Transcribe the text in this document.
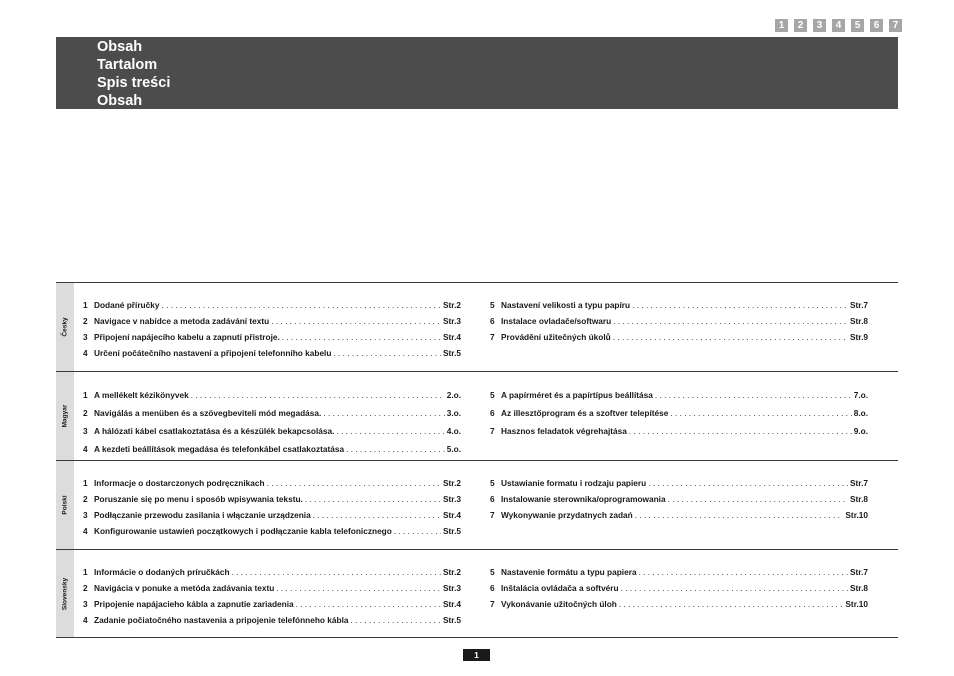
1	2	3	4	5	6	7
Obsah
Tartalom
Spis treści
Obsah
Česky
1 Dodané příručky . . .	Str.2
2 Navigace v nabídce a metoda zadávání textu . . .	Str.3
3 Připojení napájecího kabelu a zapnutí přístroje. . . .	Str.4
4 Určení počátečního nastavení a připojení telefonního kabelu . . .	Str.5
5 Nastavení velikosti a typu papíru . . .	Str.7
6 Instalace ovladače/softwaru . . .	Str.8
7 Provádění užitečných úkolů . . .	Str.9
Magyar
1 A mellékelt kézikönyvek . . .	2.o.
2 Navigálás a menüben és a szövegbeviteli mód megadása. . . .	3.o.
3 A hálózati kábel csatlakoztatása és a készülék bekapcsolása. . . .	4.o.
4 A kezdeti beállítások megadása és telefonkábel csatlakoztatása . . .	5.o.
5 A papírméret és a papírtípus beállítása . . .	7.o.
6 Az illesztőprogram és a szoftver telepítése . . .	8.o.
7 Hasznos feladatok végrehajtása . . .	9.o.
Polski
1 Informacje o dostarczonych podręcznikach . . .	Str.2
2 Poruszanie się po menu i sposób wpisywania tekstu. . . .	Str.3
3 Podłączanie przewodu zasilania i włączanie urządzenia . . .	Str.4
4 Konfigurowanie ustawień początkowych i podłączanie kabla telefonicznego . . .	Str.5
5 Ustawianie formatu i rodzaju papieru . . .	Str.7
6 Instalowanie sterownika/oprogramowania . . .	Str.8
7 Wykonywanie przydatnych zadań . . .	Str.10
Slovensky
1 Informácie o dodaných príručkách . . .	Str.2
2 Navigácia v ponuke a metóda zadávania textu . . .	Str.3
3 Pripojenie napájacieho kábla a zapnutie zariadenia . . .	Str.4
4 Zadanie počiatočného nastavenia a pripojenie telefónneho kábla . . .	Str.5
5 Nastavenie formátu a typu papiera . . .	Str.7
6 Inštalácia ovládača a softvéru . . .	Str.8
7 Vykonávanie užitočných úloh . . .	Str.10
1
